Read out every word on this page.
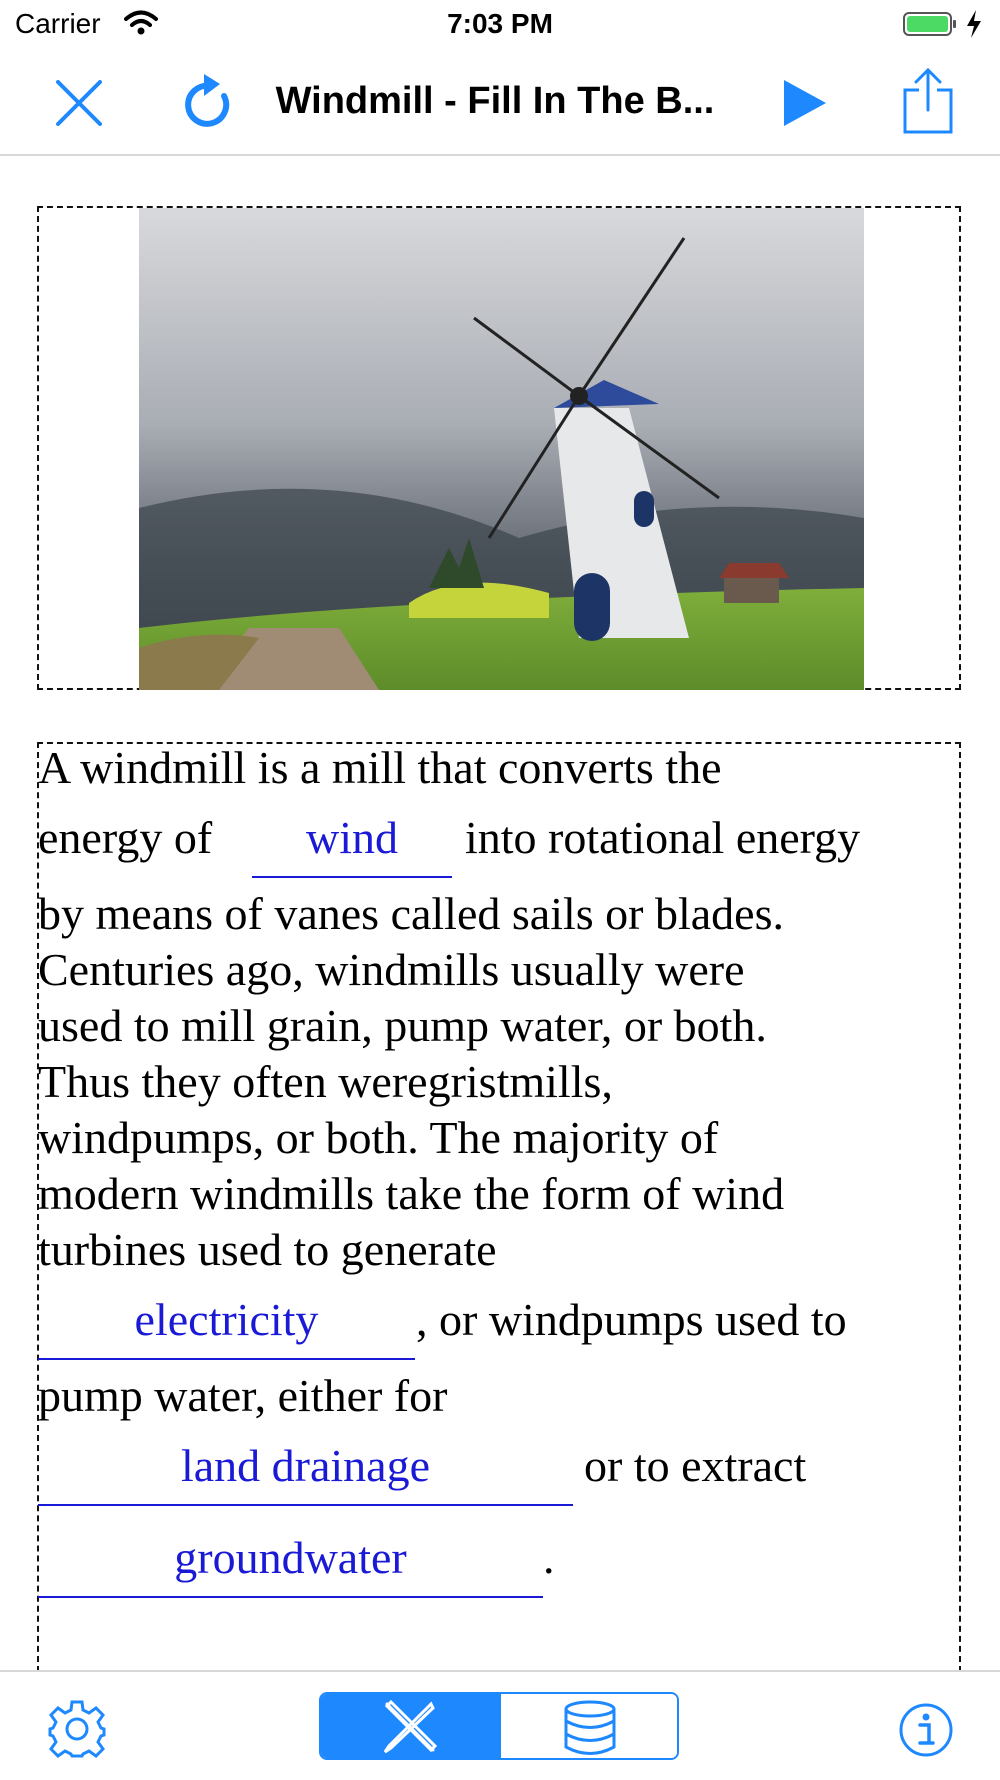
Carrier	7:03 PM
Windmill - Fill In The B...
A windmill is a mill that converts the
energy of	wind	into rotational energy
by means of vanes called sails or blades.
Centuries ago, windmills usually were
used to mill grain, pump water, or both.
Thus they often weregristmills,
windpumps, or both. The majority of
modern windmills take the form of wind
turbines used to generate
electricity	, or windpumps used to
pump water, either for
land drainage	or to extract
groundwater	.
